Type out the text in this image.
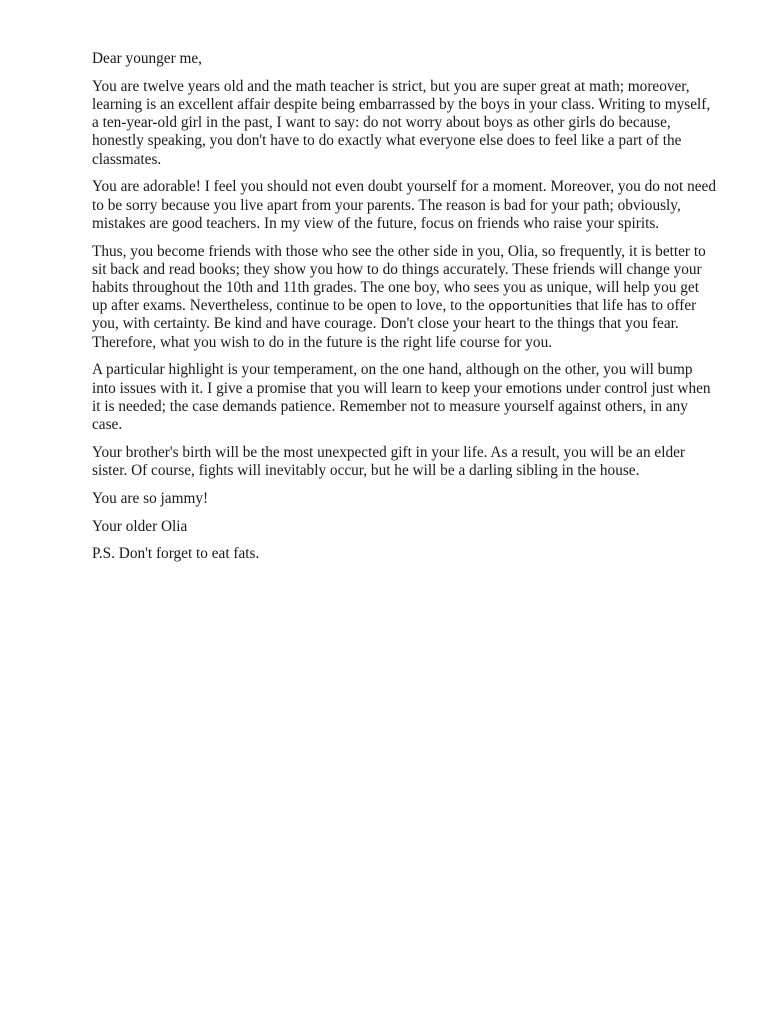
Dear younger me,

You are twelve years old and the math teacher is strict, but you are super great at math; moreover, learning is an excellent affair despite being embarrassed by the boys in your class. Writing to myself, a ten-year-old girl in the past, I want to say: do not worry about boys as other girls do because, honestly speaking, you don't have to do exactly what everyone else does to feel like a part of the classmates.

You are adorable! I feel you should not even doubt yourself for a moment. Moreover, you do not need to be sorry because you live apart from your parents. The reason is bad for your path; obviously, mistakes are good teachers. In my view of the future, focus on friends who raise your spirits.

Thus, you become friends with those who see the other side in you, Olia, so frequently, it is better to sit back and read books; they show you how to do things accurately. These friends will change your habits throughout the 10th and 11th grades. The one boy, who sees you as unique, will help you get up after exams. Nevertheless, continue to be open to love, to the opportunities that life has to offer you, with certainty. Be kind and have courage. Don't close your heart to the things that you fear. Therefore, what you wish to do in the future is the right life course for you.

A particular highlight is your temperament, on the one hand, although on the other, you will bump into issues with it. I give a promise that you will learn to keep your emotions under control just when it is needed; the case demands patience. Remember not to measure yourself against others, in any case.

Your brother's birth will be the most unexpected gift in your life. As a result, you will be an elder sister. Of course, fights will inevitably occur, but he will be a darling sibling in the house.

You are so jammy!

Your older Olia

P.S. Don't forget to eat fats.
